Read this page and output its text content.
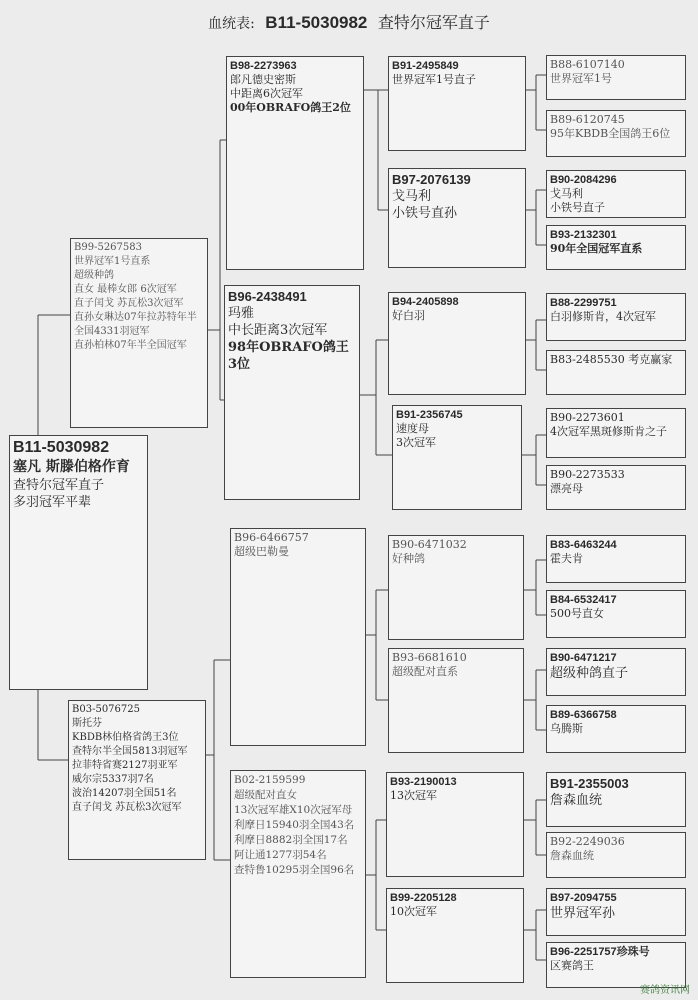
血统表: B11-5030982 查特尔冠军直子
B11-5030982
塞凡 斯滕伯格作育
查特尔冠军直子
多羽冠军平辈
B99-5267583
世界冠军1号直系
超级种鸽
直女 最棒女郎 6次冠军
直子闰戈 苏瓦松3次冠军
直孙女琳达07年拉苏特年半全国4331羽冠军
直孙柏林07年半全国冠军
B03-5076725
斯托芬
KBDB林伯格省鸽王3位
查特尔半全国5813羽冠军
拉菲特省赛2127羽亚军
威尔宗5337羽7名
波治14207羽全国51名
直子闰戈 苏瓦松3次冠军
B98-2273963
郎凡德史密斯
中距离6次冠军
00年OBRAFO鸽王2位
B96-2438491
玛雅
中长距离3次冠军
98年OBRAFO鸽王3位
B96-6466757
超级巴勒曼
B02-2159599
超级配对直女
13次冠军雄X10次冠军母
利摩日15940羽全国43名
利摩日8882羽全国17名
阿让通1277羽54名
查特鲁10295羽全国96名
B91-2495849
世界冠军1号直子
B97-2076139
戈马利
小铁号直孙
B94-2405898
好白羽
B91-2356745
速度母
3次冠军
B90-6471032
好种鸽
B93-6681610
超级配对直系
B93-2190013
13次冠军
B99-2205128
10次冠军
B88-6107140
世界冠军1号
B89-6120745
95年KBDB全国鸽王6位
B90-2084296
戈马利
小铁号直子
B93-2132301
90年全国冠军直系
B88-2299751
白羽修斯肯，4次冠军
B83-2485530 考克赢家
B90-2273601
4次冠军黑斑修斯肯之子
B90-2273533
漂亮母
B83-6463244
霍夫肯
B84-6532417
500号直女
B90-6471217
超级种鸽直子
B89-6366758
乌腾斯
B91-2355003
詹森血统
B92-2249036
詹森血统
B97-2094755
世界冠军孙
B96-2251757珍珠号
区赛鸽王
赛鸽资讯网
